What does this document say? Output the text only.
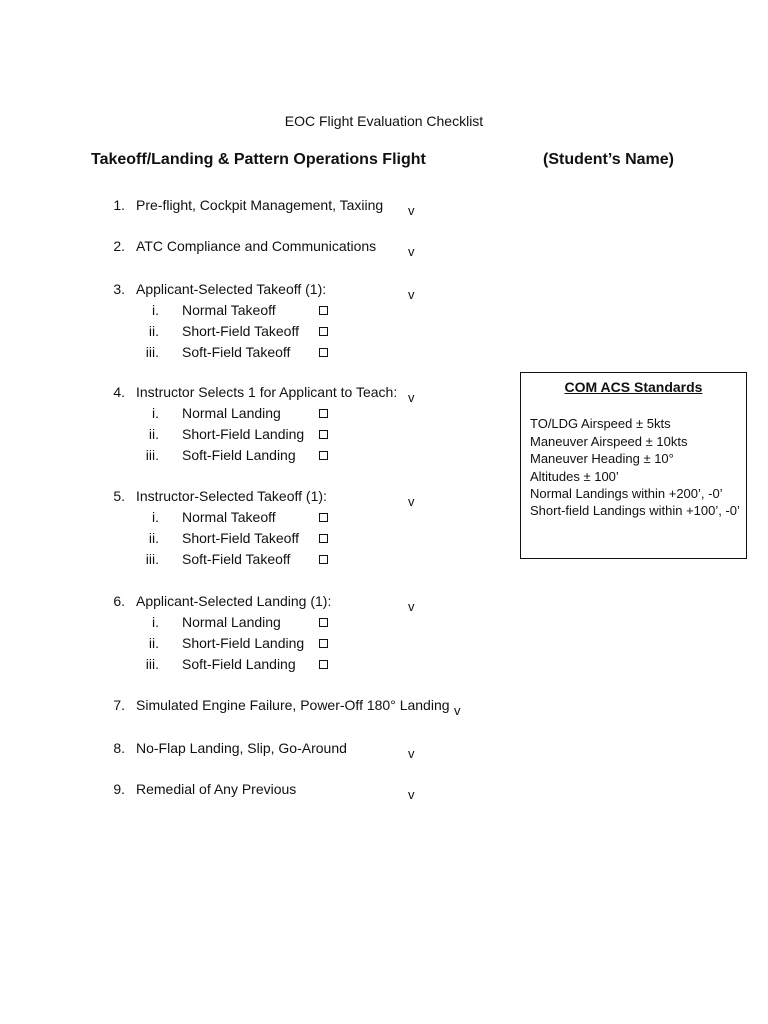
EOC Flight Evaluation Checklist
Takeoff/Landing & Pattern Operations Flight	(Student’s Name)
1. Pre-flight, Cockpit Management, Taxiing v
2. ATC Compliance and Communications v
3. Applicant-Selected Takeoff (1):	v
i. Normal Takeoff
ii. Short-Field Takeoff
iii. Soft-Field Takeoff
4. Instructor Selects 1 for Applicant to Teach: v
i. Normal Landing
ii. Short-Field Landing
iii. Soft-Field Landing
5. Instructor-Selected Takeoff (1):	v
i. Normal Takeoff
ii. Short-Field Takeoff
iii. Soft-Field Takeoff
6. Applicant-Selected Landing (1):	v
i. Normal Landing
ii. Short-Field Landing
iii. Soft-Field Landing
7. Simulated Engine Failure, Power-Off 180° Landing v
8. No-Flap Landing, Slip, Go-Around	v
9. Remedial of Any Previous	v
COM ACS Standards
TO/LDG Airspeed ± 5kts
Maneuver Airspeed ± 10kts
Maneuver Heading ± 10°
Altitudes ± 100’
Normal Landings within +200’, -0’
Short-field Landings within +100’, -0’
